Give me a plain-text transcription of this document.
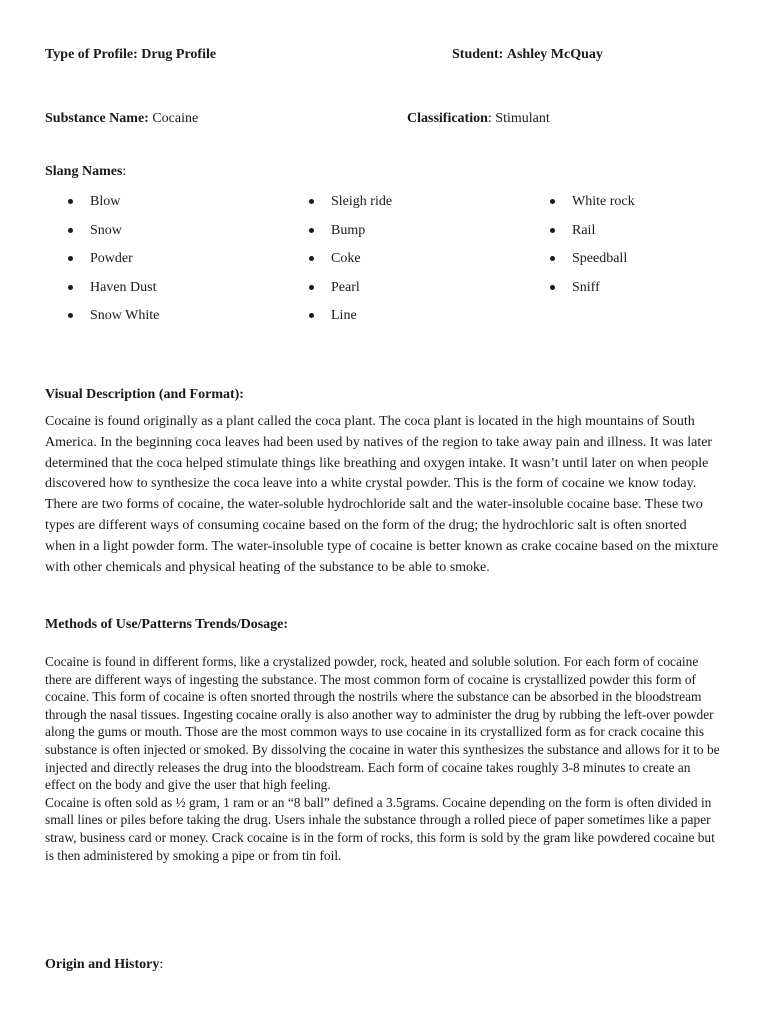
Type of Profile: Drug Profile	Student: Ashley McQuay
Substance Name: Cocaine	Classification: Stimulant
Slang Names:
Blow
Snow
Powder
Haven Dust
Snow White
Sleigh ride
Bump
Coke
Pearl
Line
White rock
Rail
Speedball
Sniff
Visual Description (and Format):
Cocaine is found originally as a plant called the coca plant. The coca plant is located in the high mountains of South America. In the beginning coca leaves had been used by natives of the region to take away pain and illness. It was later determined that the coca helped stimulate things like breathing and oxygen intake. It wasn’t until later on when people discovered how to synthesize the coca leave into a white crystal powder. This is the form of cocaine we know today. There are two forms of cocaine, the water-soluble hydrochloride salt and the water-insoluble cocaine base. These two types are different ways of consuming cocaine based on the form of the drug; the hydrochloric salt is often snorted when in a light powder form. The water-insoluble type of cocaine is better known as crake cocaine based on the mixture with other chemicals and physical heating of the substance to be able to smoke.
Methods of Use/Patterns Trends/Dosage:
Cocaine is found in different forms, like a crystalized powder, rock, heated and soluble solution. For each form of cocaine there are different ways of ingesting the substance. The most common form of cocaine is crystallized powder this form of cocaine. This form of cocaine is often snorted through the nostrils where the substance can be absorbed in the bloodstream through the nasal tissues. Ingesting cocaine orally is also another way to administer the drug by rubbing the left-over powder along the gums or mouth. Those are the most common ways to use cocaine in its crystallized form as for crack cocaine this substance is often injected or smoked. By dissolving the cocaine in water this synthesizes the substance and allows for it to be injected and directly releases the drug into the bloodstream. Each form of cocaine takes roughly 3-8 minutes to create an effect on the body and give the user that high feeling.
Cocaine is often sold as ½ gram, 1 ram or an “8 ball” defined a 3.5grams. Cocaine depending on the form is often divided in small lines or piles before taking the drug. Users inhale the substance through a rolled piece of paper sometimes like a paper straw, business card or money. Crack cocaine is in the form of rocks, this form is sold by the gram like powdered cocaine but is then administered by smoking a pipe or from tin foil.
Origin and History:
